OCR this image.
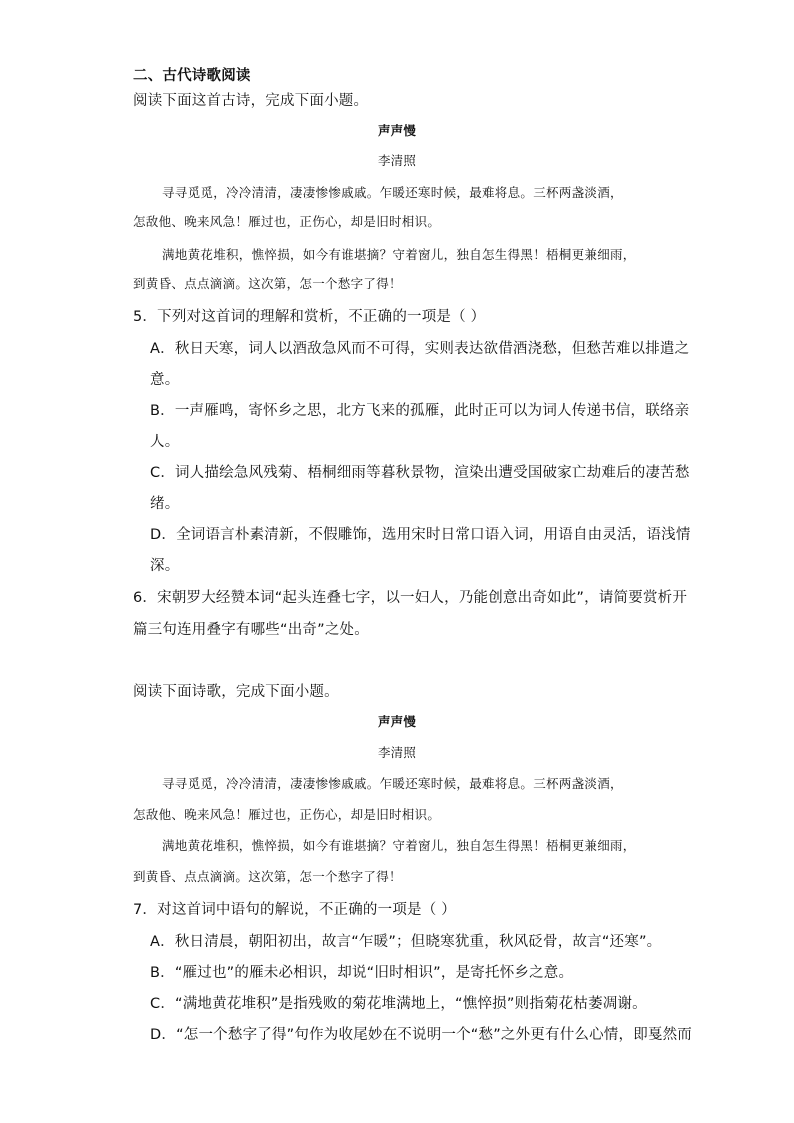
二、古代诗歌阅读
阅读下面这首古诗，完成下面小题。
声声慢
李清照
寻寻觅觅，冷冷清清，凄凄惨惨戚戚。乍暖还寒时候，最难将息。三杯两盏淡酒，
怎敌他、晚来风急！雁过也，正伤心，却是旧时相识。
满地黄花堆积，憔悴损，如今有谁堪摘？守着窗儿，独自怎生得黑！梧桐更兼细雨，
到黄昏、点点滴滴。这次第，怎一个愁字了得！
5．下列对这首词的理解和赏析，不正确的一项是（ ）
A．秋日天寒，词人以酒敌急风而不可得，实则表达欲借酒浇愁，但愁苦难以排遣之
意。
B．一声雁鸣，寄怀乡之思，北方飞来的孤雁，此时正可以为词人传递书信，联络亲
人。
C．词人描绘急风残菊、梧桐细雨等暮秋景物，渲染出遭受国破家亡劫难后的凄苦愁
绪。
D．全词语言朴素清新，不假雕饰，选用宋时日常口语入词，用语自由灵活，语浅情
深。
6．宋朝罗大经赞本词“起头连叠七字，以一妇人，乃能创意出奇如此”，请简要赏析开
篇三句连用叠字有哪些“出奇”之处。
阅读下面诗歌，完成下面小题。
声声慢
李清照
寻寻觅觅，冷冷清清，凄凄惨惨戚戚。乍暖还寒时候，最难将息。三杯两盏淡酒，
怎敌他、晚来风急！雁过也，正伤心，却是旧时相识。
满地黄花堆积，憔悴损，如今有谁堪摘？守着窗儿，独自怎生得黑！梧桐更兼细雨，
到黄昏、点点滴滴。这次第，怎一个愁字了得！
7．对这首词中语句的解说，不正确的一项是（ ）
A．秋日清晨，朝阳初出，故言“乍暖”；但晓寒犹重，秋风砭骨，故言“还寒”。
B．“雁过也”的雁未必相识，却说“旧时相识”，是寄托怀乡之意。
C．“满地黄花堆积”是指残败的菊花堆满地上，“憔悴损”则指菊花枯萎凋谢。
D．“怎一个愁字了得”句作为收尾妙在不说明一个“愁”之外更有什么心情，即戛然而
